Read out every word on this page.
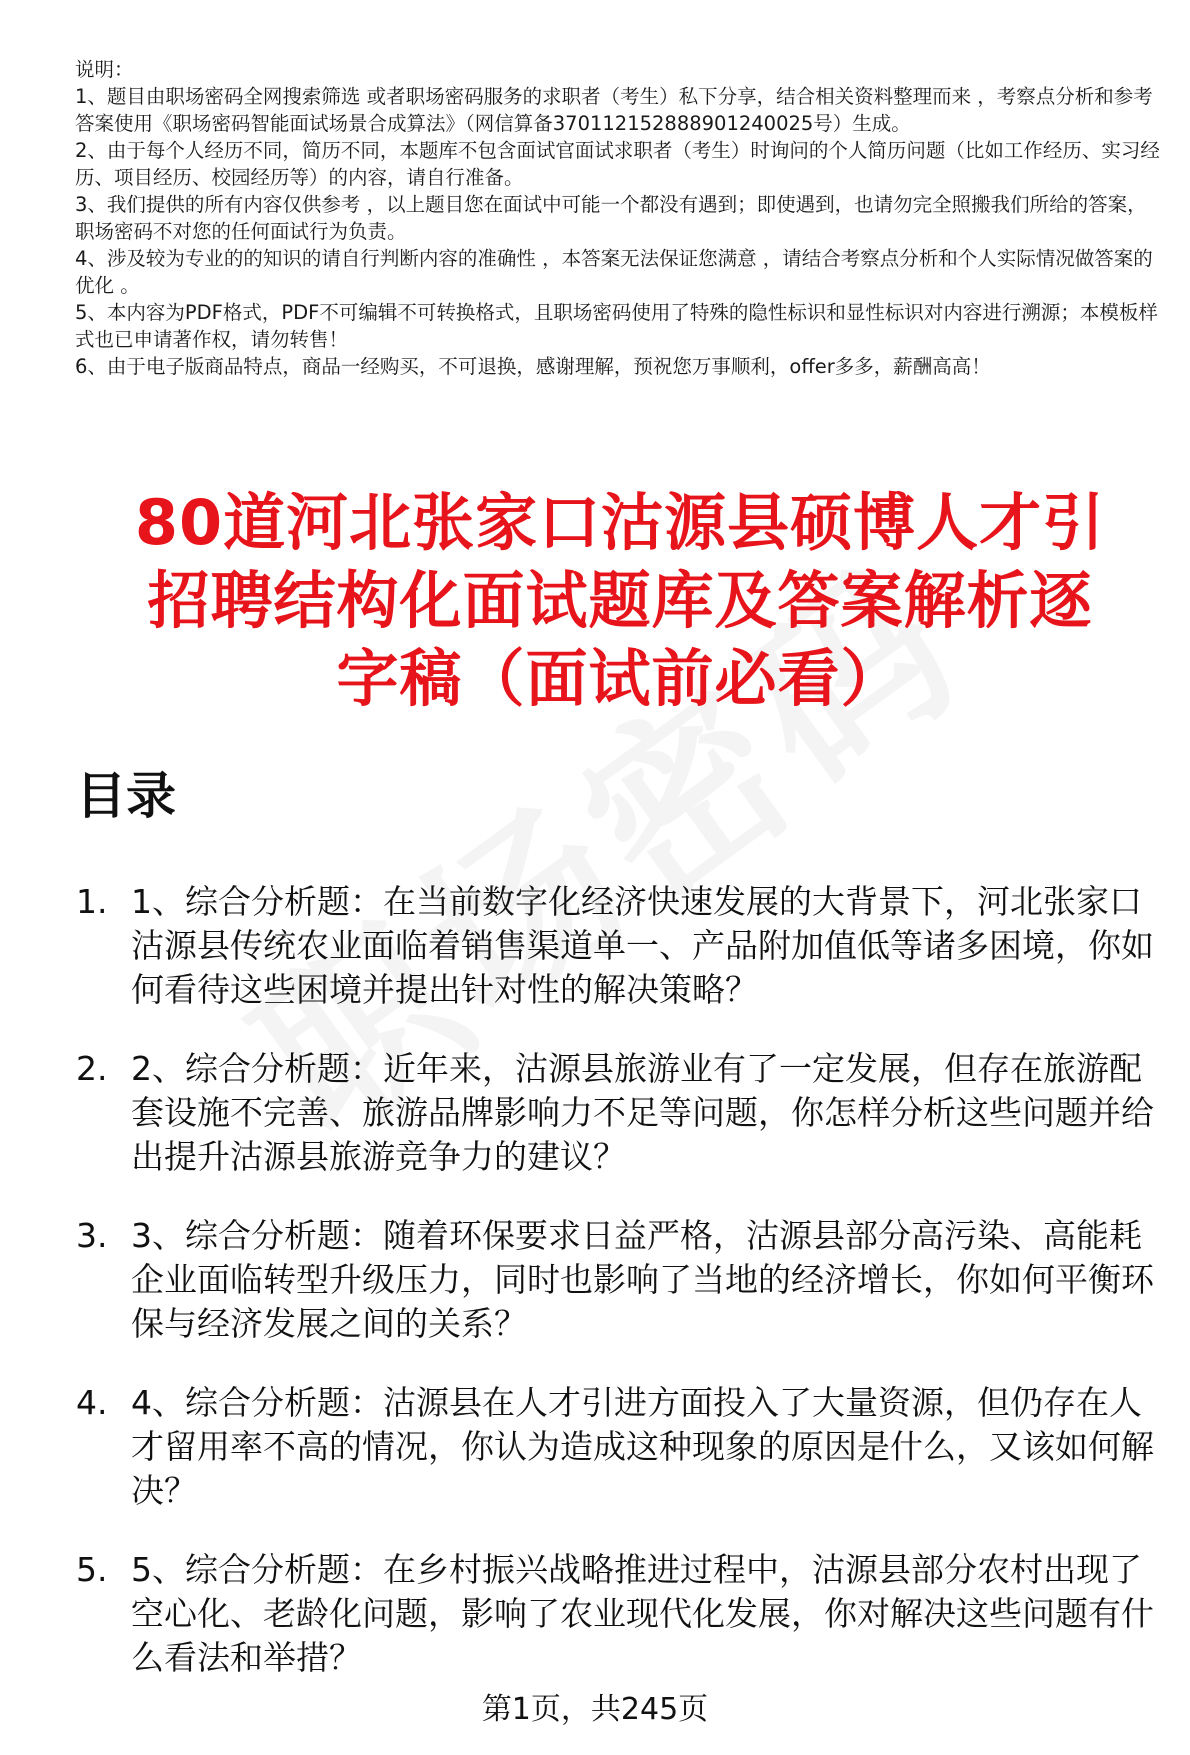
说明：
1、题目由职场密码全网搜索筛选 或者职场密码服务的求职者（考生）私下分享，结合相关资料整理而来 ，考察点分析和参考答案使用《职场密码智能面试场景合成算法》（网信算备370112152888901240025号）生成。
2、由于每个人经历不同，简历不同，本题库不包含面试官面试求职者（考生）时询问的个人简历问题（比如工作经历、实习经历、项目经历、校园经历等）的内容，请自行准备。
3、我们提供的所有内容仅供参考 ，以上题目您在面试中可能一个都没有遇到；即使遇到，也请勿完全照搬我们所给的答案，职场密码不对您的任何面试行为负责。
4、涉及较为专业的的知识的请自行判断内容的准确性 ，本答案无法保证您满意 ，请结合考察点分析和个人实际情况做答案的优化 。
5、本内容为PDF格式，PDF不可编辑不可转换格式，且职场密码使用了特殊的隐性标识和显性标识对内容进行溯源；本模板样式也已申请著作权，请勿转售！
6、由于电子版商品特点，商品一经购买，不可退换，感谢理解，预祝您万事顺利，offer多多，薪酬高高！
80道河北张家口沽源县硕博人才引
招聘结构化面试题库及答案解析逐
字稿（面试前必看）
目录
1. 1、综合分析题：在当前数字化经济快速发展的大背景下，河北张家口沽源县传统农业面临着销售渠道单一、产品附加值低等诸多困境，你如何看待这些困境并提出针对性的解决策略？
2. 2、综合分析题：近年来，沽源县旅游业有了一定发展，但存在旅游配套设施不完善、旅游品牌影响力不足等问题，你怎样分析这些问题并给出提升沽源县旅游竞争力的建议？
3. 3、综合分析题：随着环保要求日益严格，沽源县部分高污染、高能耗企业面临转型升级压力，同时也影响了当地的经济增长，你如何平衡环保与经济发展之间的关系？
4. 4、综合分析题：沽源县在人才引进方面投入了大量资源，但仍存在人才留用率不高的情况，你认为造成这种现象的原因是什么，又该如何解决？
5. 5、综合分析题：在乡村振兴战略推进过程中，沽源县部分农村出现了空心化、老龄化问题，影响了农业现代化发展，你对解决这些问题有什么看法和举措？
第1页，共245页
